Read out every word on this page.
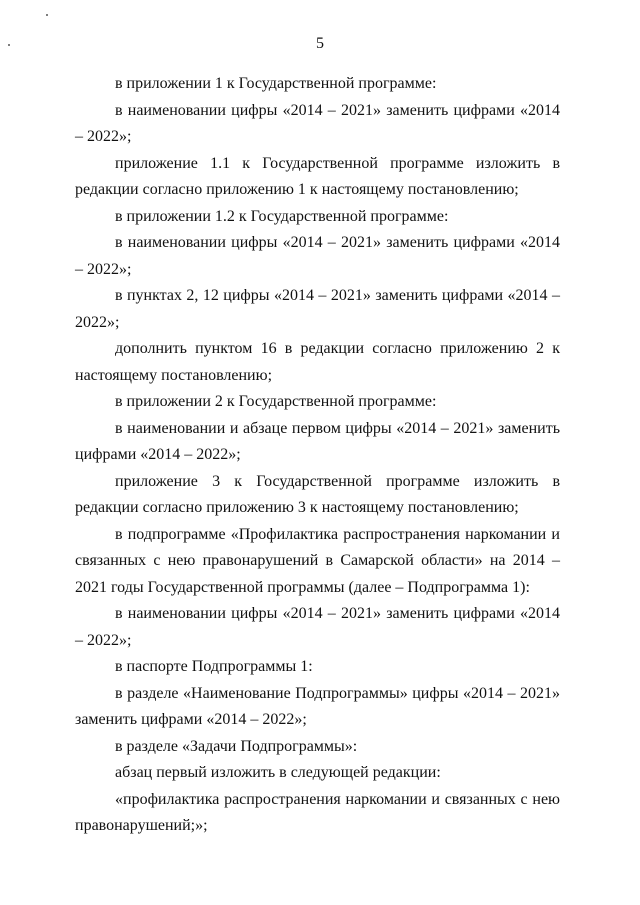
5

в приложении 1 к Государственной программе:

в наименовании цифры «2014 – 2021» заменить цифрами «2014 – 2022»;

приложение 1.1 к Государственной программе изложить в редакции согласно приложению 1 к настоящему постановлению;

в приложении 1.2 к Государственной программе:

в наименовании цифры «2014 – 2021» заменить цифрами «2014 – 2022»;

в пунктах 2, 12 цифры «2014 – 2021» заменить цифрами «2014 – 2022»;

дополнить пунктом 16 в редакции согласно приложению 2 к настоящему постановлению;

в приложении 2 к Государственной программе:

в наименовании и абзаце первом цифры «2014 – 2021» заменить цифрами «2014 – 2022»;

приложение 3 к Государственной программе изложить в редакции согласно приложению 3 к настоящему постановлению;

в подпрограмме «Профилактика распространения наркомании и связанных с нею правонарушений в Самарской области» на 2014 – 2021 годы Государственной программы (далее – Подпрограмма 1):

в наименовании цифры «2014 – 2021» заменить цифрами «2014 – 2022»;

в паспорте Подпрограммы 1:

в разделе «Наименование Подпрограммы» цифры «2014 – 2021» заменить цифрами «2014 – 2022»;

в разделе «Задачи Подпрограммы»:

абзац первый изложить в следующей редакции:

«профилактика распространения наркомании и связанных с нею правонарушений;»;
